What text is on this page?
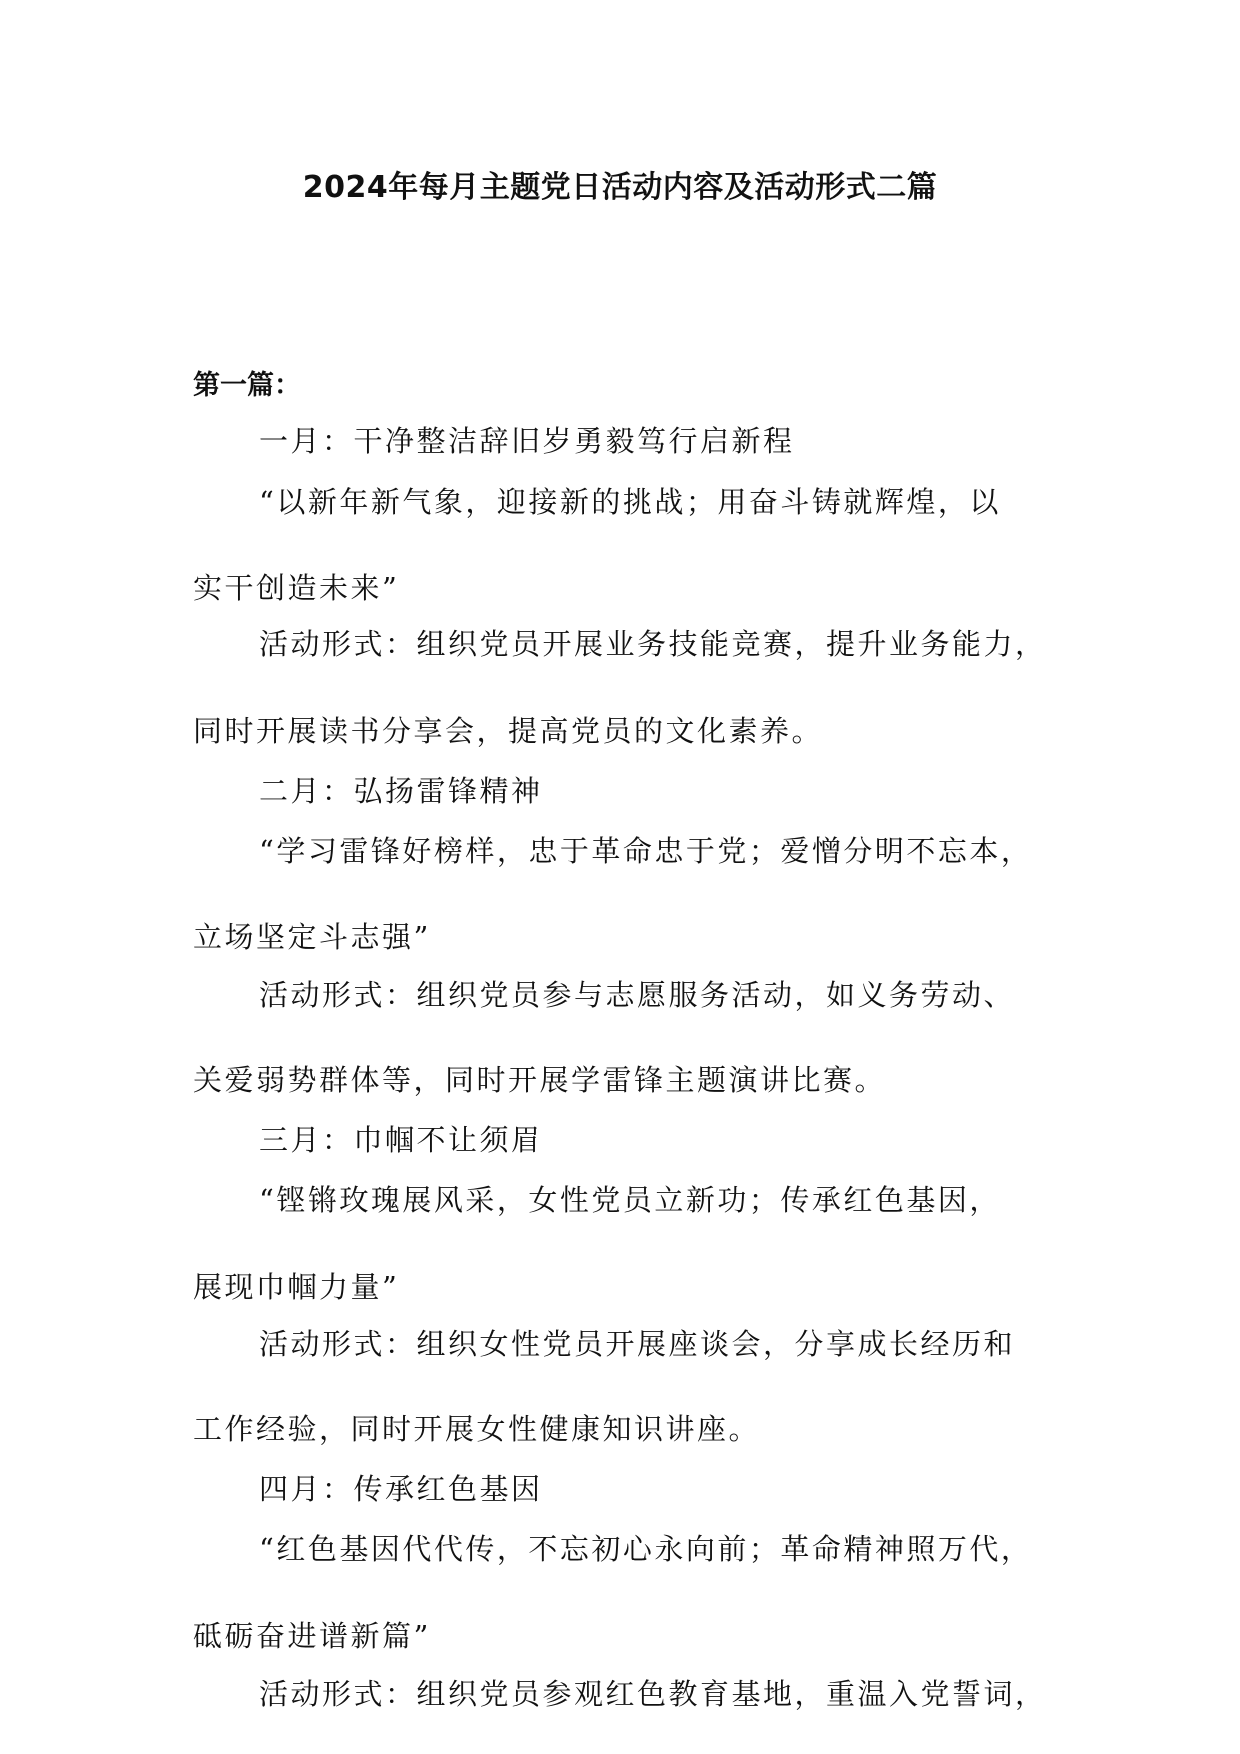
2024年每月主题党日活动内容及活动形式二篇
第一篇：
一月：干净整洁辞旧岁勇毅笃行启新程
“以新年新气象，迎接新的挑战；用奋斗铸就辉煌，以
实干创造未来”
活动形式：组织党员开展业务技能竞赛，提升业务能力，
同时开展读书分享会，提高党员的文化素养。
二月：弘扬雷锋精神
“学习雷锋好榜样，忠于革命忠于党；爱憎分明不忘本，
立场坚定斗志强”
活动形式：组织党员参与志愿服务活动，如义务劳动、
关爱弱势群体等，同时开展学雷锋主题演讲比赛。
三月：巾帼不让须眉
“铿锵玫瑰展风采，女性党员立新功；传承红色基因，
展现巾帼力量”
活动形式：组织女性党员开展座谈会，分享成长经历和
工作经验，同时开展女性健康知识讲座。
四月：传承红色基因
“红色基因代代传，不忘初心永向前；革命精神照万代，
砥砺奋进谱新篇”
活动形式：组织党员参观红色教育基地，重温入党誓词，
